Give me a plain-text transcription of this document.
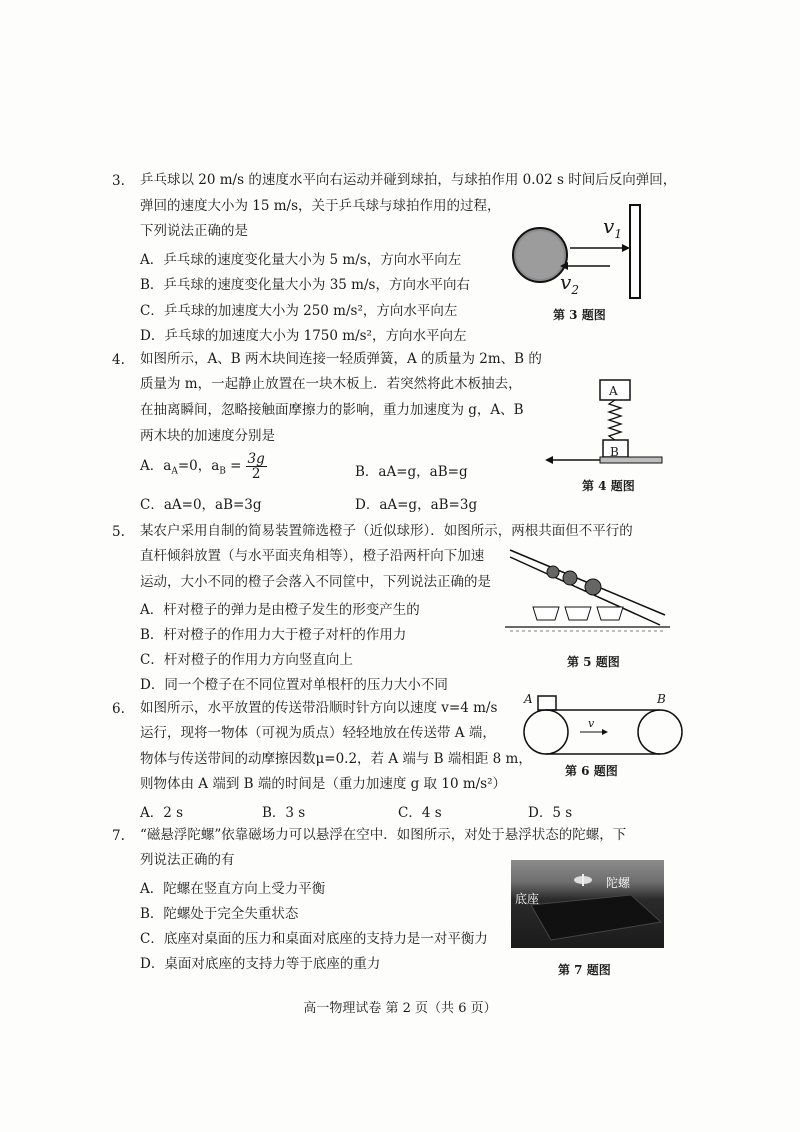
3. 乒乓球以 20 m/s 的速度水平向右运动并碰到球拍，与球拍作用 0.02 s 时间后反向弹回，
弹回的速度大小为 15 m/s，关于乒乓球与球拍作用的过程，
下列说法正确的是
A．乒乓球的速度变化量大小为 5 m/s，方向水平向左
B．乒乓球的速度变化量大小为 35 m/s，方向水平向右
C．乒乓球的加速度大小为 250 m/s²，方向水平向左
D．乒乓球的加速度大小为 1750 m/s²，方向水平向左
$v_1$
$v_2$
第 3 题图
4. 如图所示，A、B 两木块间连接一轻质弹簧，A 的质量为 2m、B 的
质量为 m，一起静止放置在一块木板上．若突然将此木板抽去，
在抽离瞬间，忽略接触面摩擦力的影响，重力加速度为 g，A、B
两木块的加速度分别是
A．$a_A=0$，$a_B = \frac{3g}{2}$	B．aA=g，aB=g
C．aA=0，aB=3g	D．aA=g，aB=3g
A
B
第 4 题图
5. 某农户采用自制的简易装置筛选橙子（近似球形）．如图所示，两根共面但不平行的
直杆倾斜放置（与水平面夹角相等），橙子沿两杆向下加速
运动，大小不同的橙子会落入不同筐中，下列说法正确的是
A．杆对橙子的弹力是由橙子发生的形变产生的
B．杆对橙子的作用力大于橙子对杆的作用力
C．杆对橙子的作用力方向竖直向上
D．同一个橙子在不同位置对单根杆的压力大小不同
第 5 题图
6. 如图所示，水平放置的传送带沿顺时针方向以速度 v=4 m/s
运行，现将一物体（可视为质点）轻轻地放在传送带 A 端，
物体与传送带间的动摩擦因数μ=0.2，若 A 端与 B 端相距 8 m，
则物体由 A 端到 B 端的时间是（重力加速度 g 取 10 m/s²）
A．2 s	B．3 s	C．4 s	D．5 s
A	B
v
第 6 题图
7. “磁悬浮陀螺”依靠磁场力可以悬浮在空中．如图所示，对处于悬浮状态的陀螺，下
列说法正确的有
A．陀螺在竖直方向上受力平衡
B．陀螺处于完全失重状态
C．底座对桌面的压力和桌面对底座的支持力是一对平衡力
D．桌面对底座的支持力等于底座的重力
底座
陀螺
第 7 题图
高一物理试卷 第 2 页（共 6 页）
